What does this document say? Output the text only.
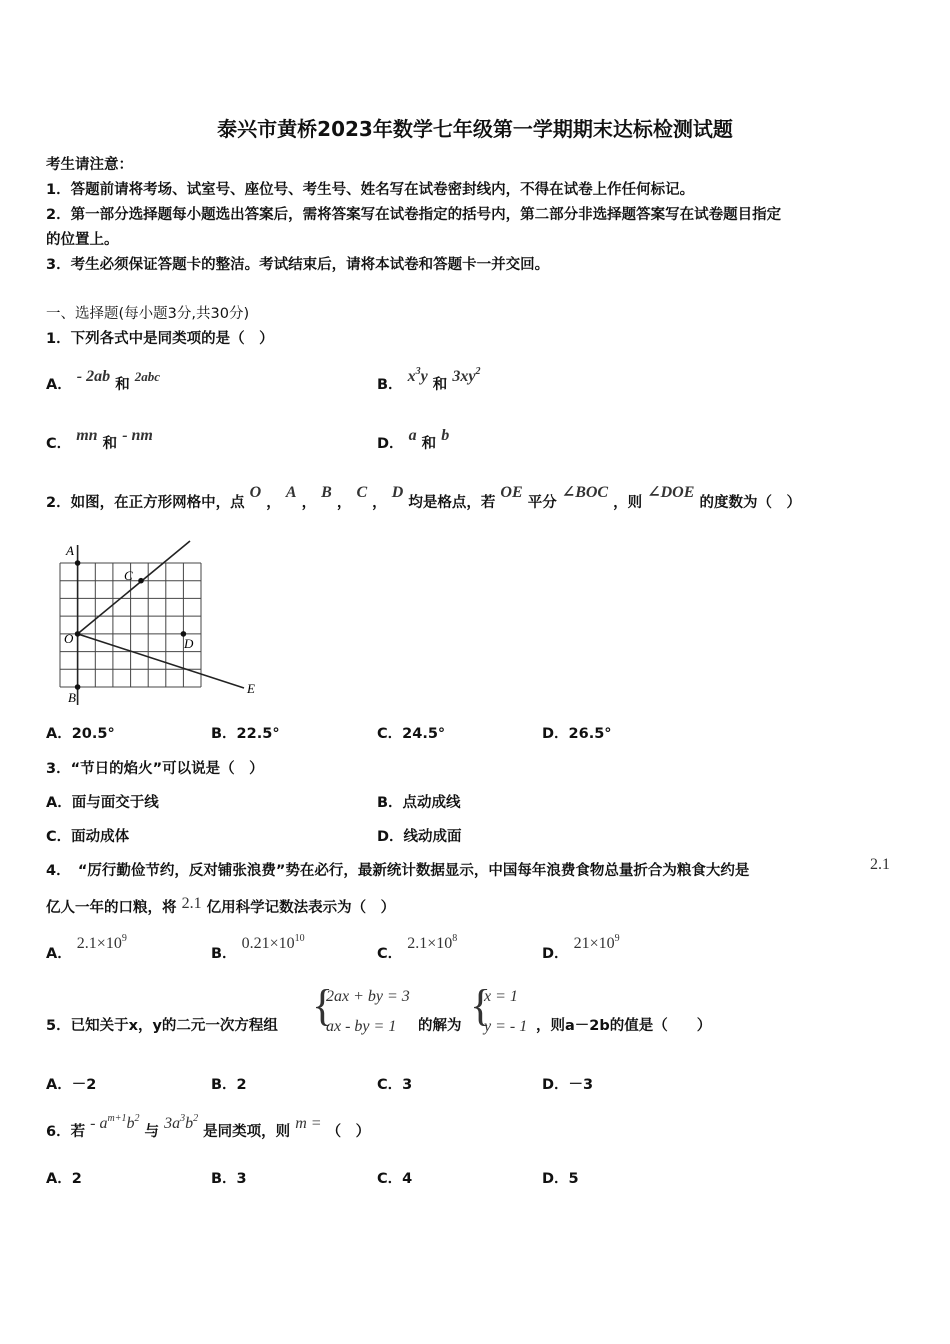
泰兴市黄桥2023年数学七年级第一学期期末达标检测试题
考生请注意：
1．答题前请将考场、试室号、座位号、考生号、姓名写在试卷密封线内，不得在试卷上作任何标记。
2．第一部分选择题每小题选出答案后，需将答案写在试卷指定的括号内，第二部分非选择题答案写在试卷题目指定
的位置上。
3．考生必须保证答题卡的整洁。考试结束后，请将本试卷和答题卡一并交回。
一、选择题(每小题3分,共30分)
1．下列各式中是同类项的是（　）
A． - 2ab 和 2abc
B． $x^3y$ 和 $3xy^2$
C． mn 和 - nm	D． a 和 b
2．如图，在正方形网格中，点 O ， A ， B ， C ， D 均是格点，若 OE 平分 ∠BOC ，则 ∠DOE 的度数为（　）
A
C
O	D
B
E
A．20.5°	B．22.5°	C．24.5°	D．26.5°
3．“节日的焰火”可以说是（　）
A．面与面交于线	B．点动成线
C．面动成体	D．线动成面
4．　“厉行勤俭节约，反对铺张浪费”势在必行，最新统计数据显示，中国每年浪费食物总量折合为粮食大约是	2.1
亿人一年的口粮，将 2.1 亿用科学记数法表示为（　）
A． $2.1\times 10^9$
B． $0.21\times 10^{10}$
C． $2.1\times 10^8$
D． $21\times 10^9$
5．已知关于x，y的二元一次方程组 {
2ax + by = 3
ax - by = 1 的解为 {
x = 1
y = - 1 ，则a－2b的值是（　　）
A．－2	B．2	C．3	D．－3
6．若 - $a^{m+1}b^2$ 与 $3a^3b^2$ 是同类项，则 m = （　）
A．2	B．3	C．4	D．5
